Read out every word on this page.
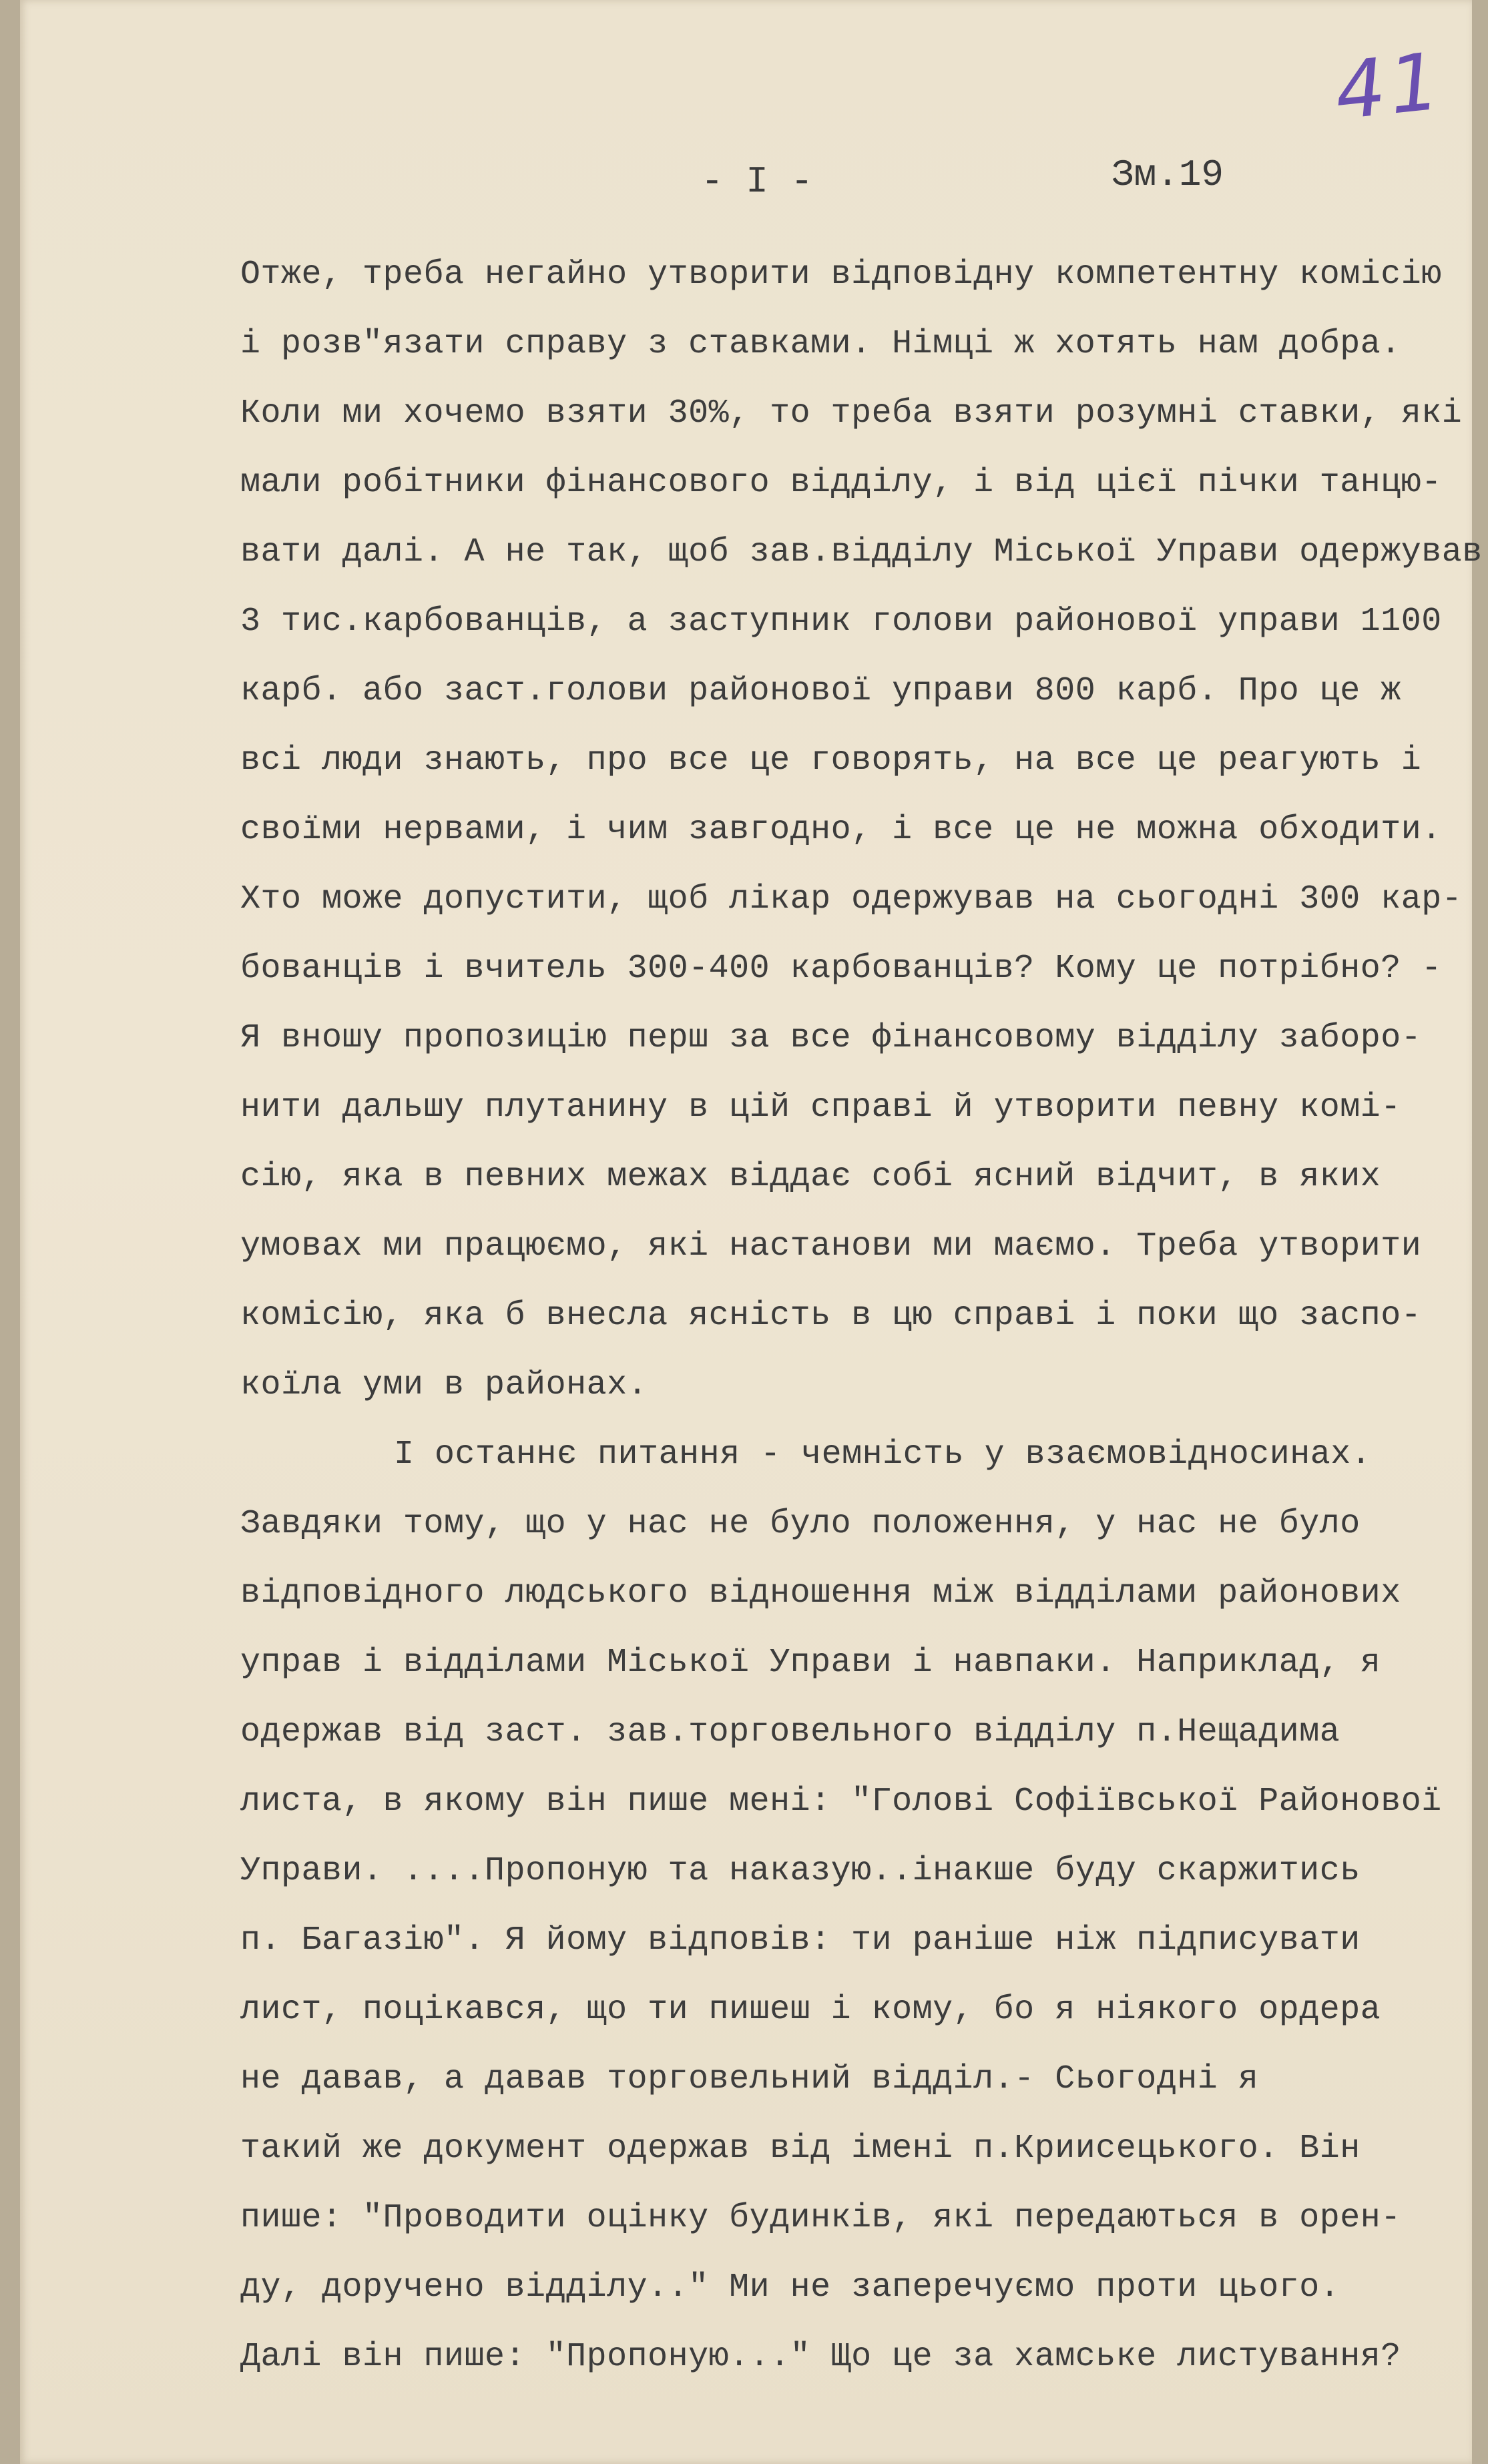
41
- I -	Зм.19
Отже, треба негайно утворити відповідну компетентну комісію
і розв"язати справу з ставками. Німці ж хотять нам добра.
Коли ми хочемо взяти 30%, то треба взяти розумні ставки, які
мали робітники фінансового відділу, і від цієї пічки танцю-
вати далі. А не так, щоб зав.відділу Міської Управи одержував
3 тис.карбованців, а заступник голови районової управи 1100
карб. або заст.голови районової управи 800 карб. Про це ж
всі люди знають, про все це говорять, на все це реагують і
своїми нервами, і чим завгодно, і все це не можна обходити.
Хто може допустити, щоб лікар одержував на сьогодні 300 кар-
бованців і вчитель 300-400 карбованців? Кому це потрібно? -
Я вношу пропозицію перш за все фінансовому відділу заборо-
нити дальшу плутанину в цій справі й утворити певну комі-
сію, яка в певних межах віддає собі ясний відчит, в яких
умовах ми працюємо, які настанови ми маємо. Треба утворити
комісію, яка б внесла ясність в цю справі і поки що заспо-
коїла уми в районах.
І останнє питання - чемність у взаємовідносинах.
Завдяки тому, що у нас не було положення, у нас не було
відповідного людського відношення між відділами районових
управ і відділами Міської Управи і навпаки. Наприклад, я
одержав від заст. зав.торговельного відділу п.Нещадима
листа, в якому він пише мені: "Голові Софіївської Районової
Управи. ....Пропоную та наказую..інакше буду скаржитись
п. Багазію". Я йому відповів: ти раніше ніж підписувати
лист, поцікався, що ти пишеш і кому, бо я ніякого ордера
не давав, а давав торговельний відділ.- Сьогодні я
такий же документ одержав від імені п.Криисецького. Він
пише: "Проводити оцінку будинків, які передаються в орен-
ду, доручено відділу.." Ми не заперечуємо проти цього.
Далі він пише: "Пропоную..." Що це за хамське листування?
